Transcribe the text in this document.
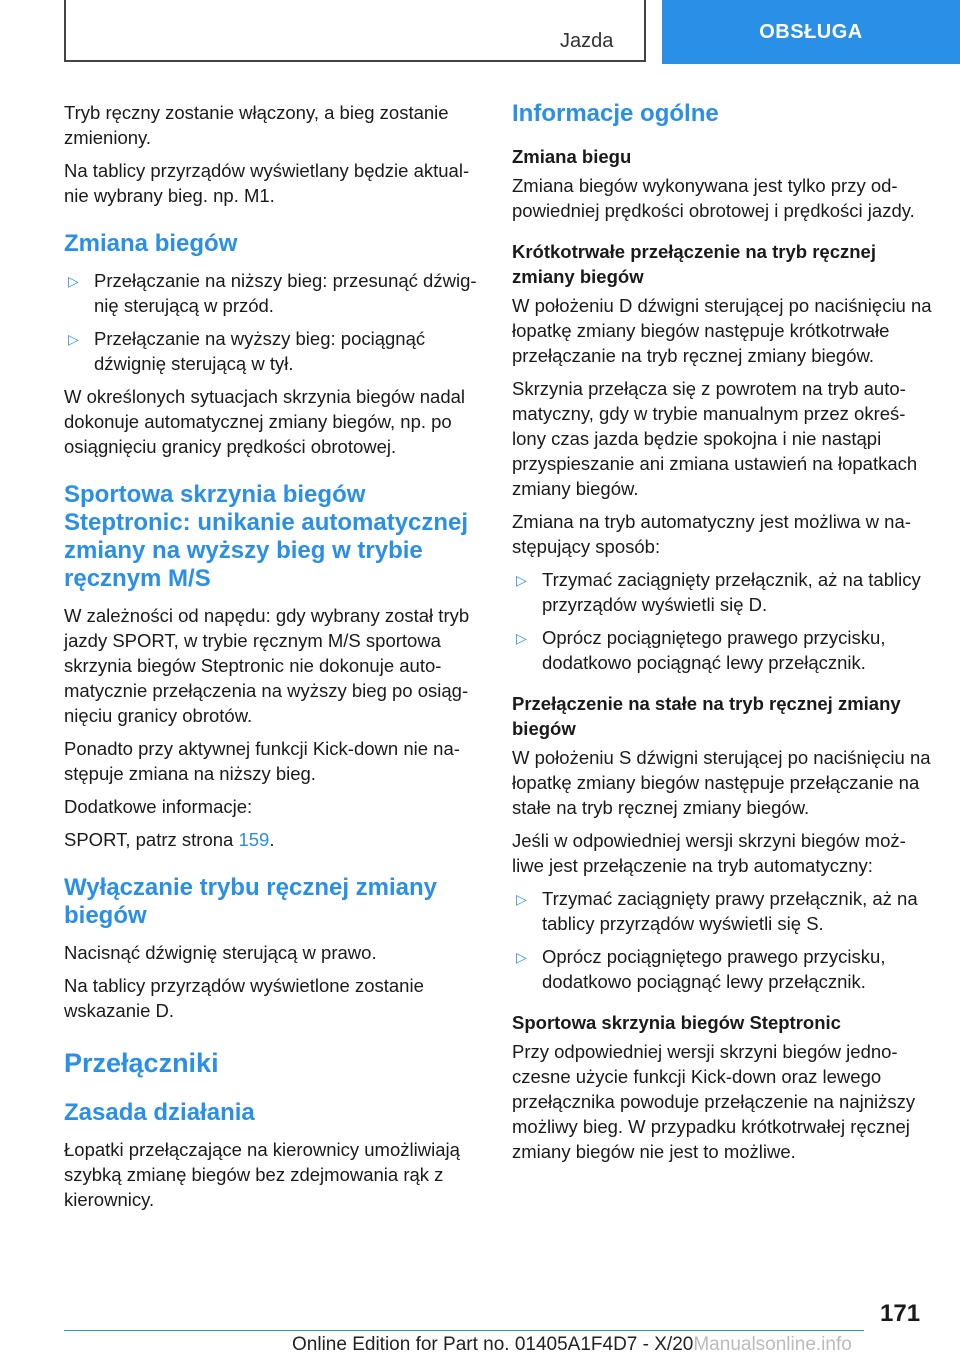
Jazda	OBSŁUGA

Tryb ręczny zostanie włączony, a bieg zostanie zmieniony.

Na tablicy przyrządów wyświetlany będzie aktual-nie wybrany bieg. np. M1.

Zmiana biegów
▷ Przełączanie na niższy bieg: przesunąć dźwig-nię sterującą w przód.
▷ Przełączanie na wyższy bieg: pociągnąć dźwignię sterującą w tył.

W określonych sytuacjach skrzynia biegów nadal dokonuje automatycznej zmiany biegów, np. po osiągnięciu granicy prędkości obrotowej.

Sportowa skrzynia biegów Steptronic: unikanie automatycznej zmiany na wyższy bieg w trybie ręcznym M/S

W zależności od napędu: gdy wybrany został tryb jazdy SPORT, w trybie ręcznym M/S sportowa skrzynia biegów Steptronic nie dokonuje auto-matycznie przełączenia na wyższy bieg po osiąg-nięciu granicy obrotów.

Ponadto przy aktywnej funkcji Kick-down nie na-stępuje zmiana na niższy bieg.

Dodatkowe informacje:

SPORT, patrz strona 159.

Wyłączanie trybu ręcznej zmiany biegów

Nacisnąć dźwignię sterującą w prawo.

Na tablicy przyrządów wyświetlone zostanie wskazanie D.

Przełączniki
Zasada działania

Łopatki przełączające na kierownicy umożliwiają szybką zmianę biegów bez zdejmowania rąk z kierownicy.

Informacje ogólne
Zmiana biegu

Zmiana biegów wykonywana jest tylko przy od-powiedniej prędkości obrotowej i prędkości jazdy.

Krótkotrwałe przełączenie na tryb ręcznej zmiany biegów

W położeniu D dźwigni sterującej po naciśnięciu na łopatkę zmiany biegów następuje krótkotrwałe przełączanie na tryb ręcznej zmiany biegów.

Skrzynia przełącza się z powrotem na tryb auto-matyczny, gdy w trybie manualnym przez okreś-lony czas jazda będzie spokojna i nie nastąpi przyspieszanie ani zmiana ustawień na łopatkach zmiany biegów.

Zmiana na tryb automatyczny jest możliwa w na-stępujący sposób:

▷ Trzymać zaciągnięty przełącznik, aż na tablicy przyrządów wyświetli się D.
▷ Oprócz pociągniętego prawego przycisku, dodatkowo pociągnąć lewy przełącznik.
Przełączenie na stałe na tryb ręcznej zmiany biegów

W położeniu S dźwigni sterującej po naciśnięciu na łopatkę zmiany biegów następuje przełączanie na stałe na tryb ręcznej zmiany biegów.

Jeśli w odpowiedniej wersji skrzyni biegów moż-liwe jest przełączenie na tryb automatyczny:

▷ Trzymać zaciągnięty prawy przełącznik, aż na tablicy przyrządów wyświetli się S.
▷ Oprócz pociągniętego prawego przycisku, dodatkowo pociągnąć lewy przełącznik.
Sportowa skrzynia biegów Steptronic

Przy odpowiedniej wersji skrzyni biegów jedno-czesne użycie funkcji Kick-down oraz lewego przełącznika powoduje przełączenie na najniższy możliwy bieg. W przypadku krótkotrwałej ręcznej zmiany biegów nie jest to możliwe.

171
Online Edition for Part no. 01405A1F4D7 - X/20Manualsonline.info
